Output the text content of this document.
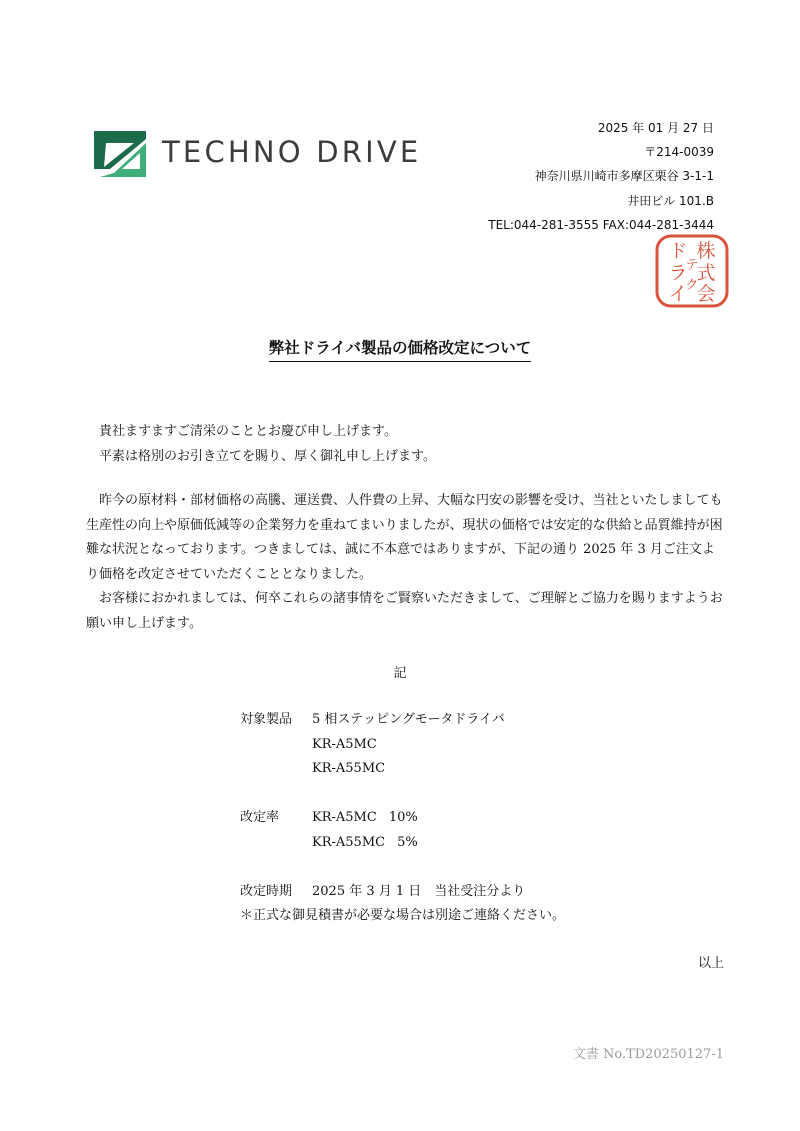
TECHNO DRIVE
2025 年 01 月 27 日
〒214-0039
神奈川県川崎市多摩区栗谷 3-1-1
井田ビル 101.B
TEL:044-281-3555 FAX:044-281-3444
株
式
会
ド
ラ
イ
テ
ク
弊社ドライバ製品の価格改定について

貴社ますますご清栄のこととお慶び申し上げます。

平素は格別のお引き立てを賜り、厚く御礼申し上げます。

昨今の原材料・部材価格の高騰、運送費、人件費の上昇、大幅な円安の影響を受け、当社といたしましても生産性の向上や原価低減等の企業努力を重ねてまいりましたが、現状の価格では安定的な供給と品質維持が困難な状況となっております。つきましては、誠に不本意ではありますが、下記の通り 2025 年 3 月ご注文より価格を改定させていただくこととなりました。

お客様におかれましては、何卒これらの諸事情をご賢察いただきまして、ご理解とご協力を賜りますようお願い申し上げます。

記
対象製品	5 相ステッピングモータドライバ
KR-A5MC
KR-A55MC
改定率	KR-A5MC 10%
KR-A55MC 5%
改定時期	2025 年 3 月 1 日　当社受注分より
＊正式な御見積書が必要な場合は別途ご連絡ください。
以上
文書 No.TD20250127-1
